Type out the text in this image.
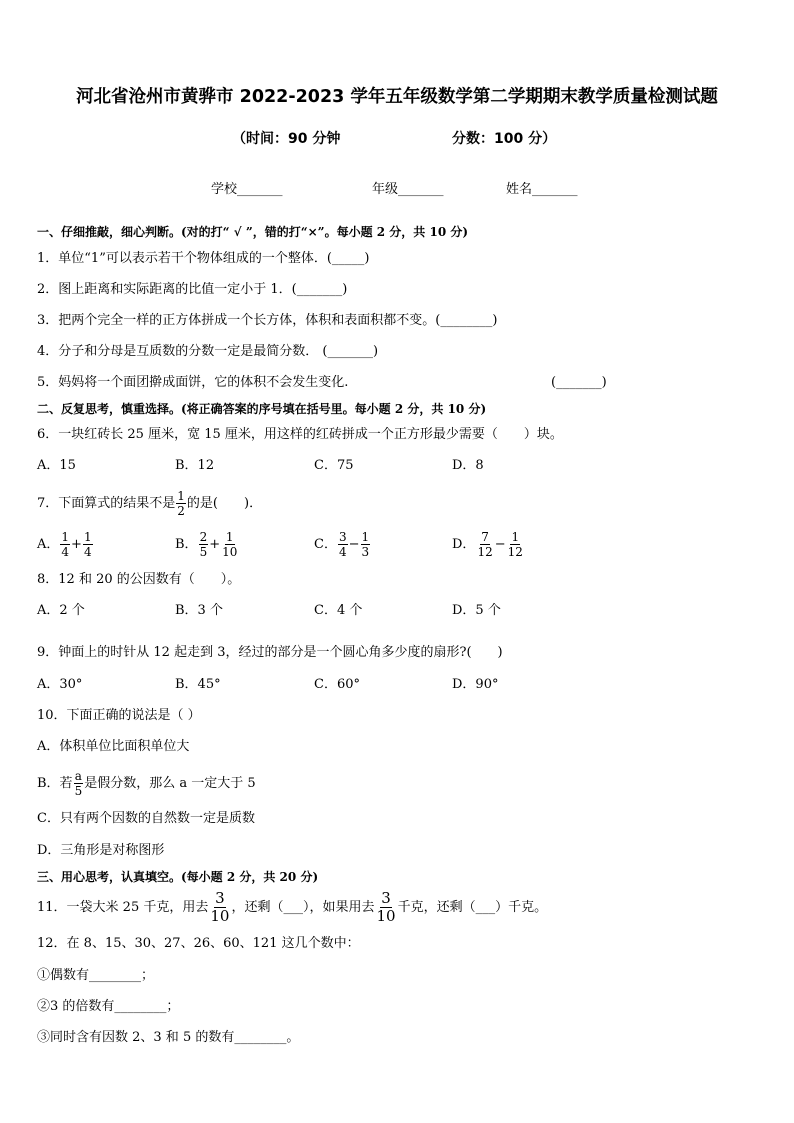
河北省沧州市黄骅市 2022-2023 学年五年级数学第二学期期末教学质量检测试题
（时间：90 分钟	分数：100 分）
学校_______	年级_______	姓名_______
一、仔细推敲，细心判断。(对的打“ √ ”，错的打“×”。每小题 2 分，共 10 分)
1．单位“1”可以表示若干个物体组成的一个整体．(_____)
2．图上距离和实际距离的比值一定小于 1．(_______)
3．把两个完全一样的正方体拼成一个长方体，体积和表面积都不变。(________)
4．分子和分母是互质数的分数一定是最简分数． (_______)
5．妈妈将一个面团擀成面饼，它的体积不会发生变化.	(_______)
二、反复思考，慎重选择。(将正确答案的序号填在括号里。每小题 2 分，共 10 分)
6．一块红砖长 25 厘米，宽 15 厘米，用这样的红砖拼成一个正方形最少需要（　　）块。
A．15	B．12	C．75	D．8
7．下面算式的结果不是 $\frac{1}{2}$ 的是(　　)．
A． $\frac{1}{4} + \frac{1}{4}$	B． $\frac{2}{5} + \frac{1}{10}$	C． $\frac{3}{4} - \frac{1}{3}$	D． $\frac{7}{12} - \frac{1}{12}$
8．12 和 20 的公因数有（　　）。
A．2 个	B．3 个	C．4 个	D．5 个
9．钟面上的时针从 12 起走到 3，经过的部分是一个圆心角多少度的扇形?(　　)
A．30°	B．45°	C．60°	D．90°
10．下面正确的说法是（ ）
A．体积单位比面积单位大
B．若 $\frac{a}{5}$ 是假分数，那么 a 一定大于 5
C．只有两个因数的自然数一定是质数
D．三角形是对称图形
三、用心思考，认真填空。(每小题 2 分，共 20 分)
11．一袋大米 25 千克，用去 $\frac{3}{10}$ ，还剩（___），如果用去 $\frac{3}{10}$ 千克，还剩（___）千克。
12．在 8、15、30、27、26、60、121 这几个数中：
①偶数有________；
②3 的倍数有________；
③同时含有因数 2、3 和 5 的数有________。
